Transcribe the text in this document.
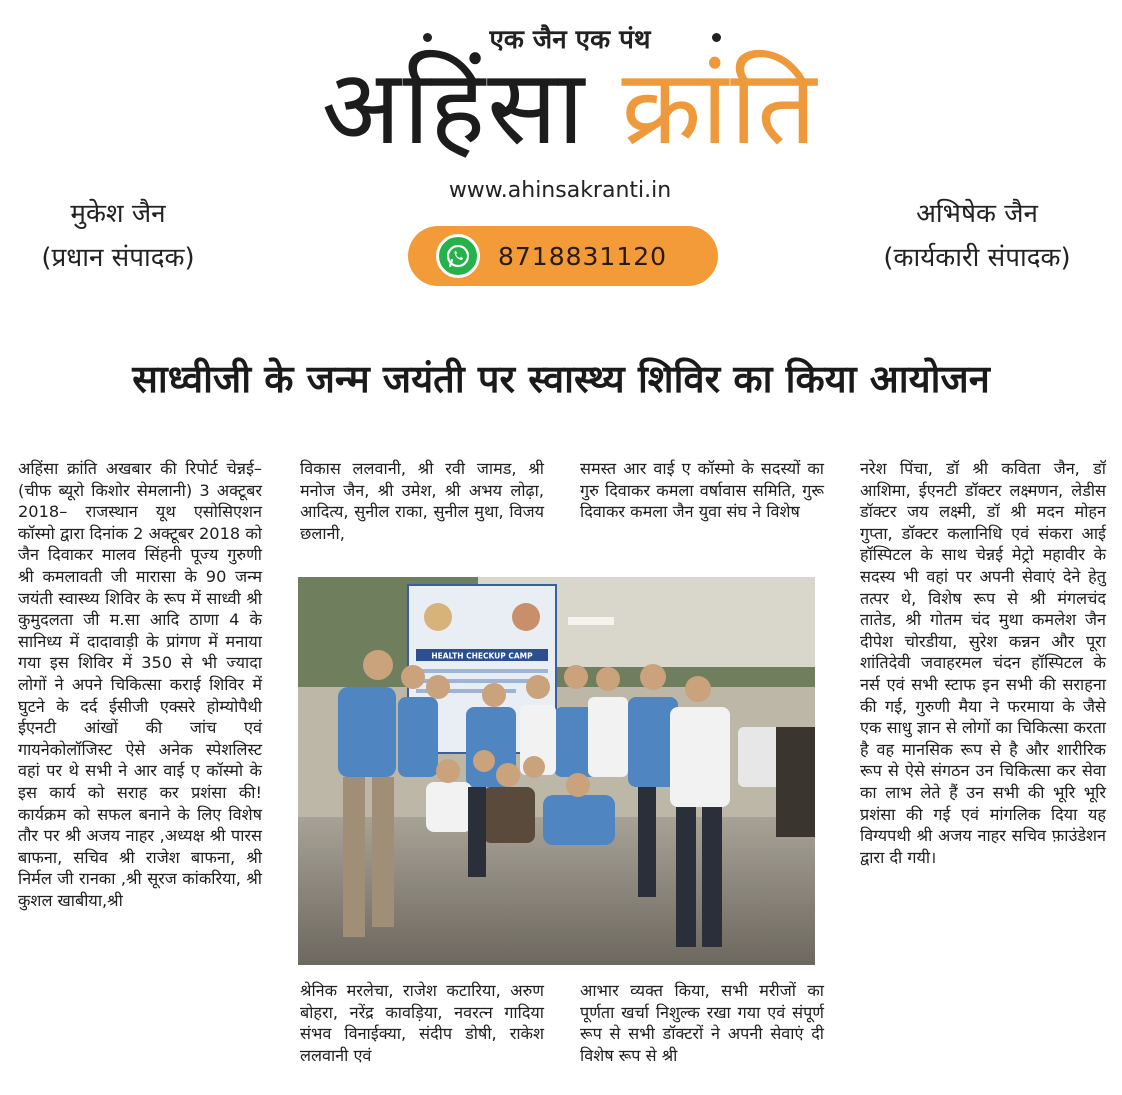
एक जैन एक पंथ
अहिंसा क्रांति
मुकेश जैन
(प्रधान संपादक)
www.ahinsakranti.in
8718831120
अभिषेक जैन
(कार्यकारी संपादक)
साध्वीजी के जन्म जयंती पर स्वास्थ्य शिविर का किया आयोजन

अहिंसा क्रांति अखबार की रिपोर्ट चेन्नई– (चीफ ब्यूरो किशोर सेमलानी) 3 अक्टूबर 2018– राजस्थान यूथ एसोसिएशन कॉस्मो द्वारा दिनांक 2 अक्टूबर 2018 को जैन दिवाकर मालव सिंहनी पूज्य गुरुणी श्री कमलावती जी मारासा के 90 जन्म जयंती स्वास्थ्य शिविर के रूप में साध्वी श्री कुमुदलता जी म.सा आदि ठाणा 4 के सानिध्य में दादावाड़ी के प्रांगण में मनाया गया इस शिविर में 350 से भी ज्यादा लोगों ने अपने चिकित्सा कराई शिविर में घुटने के दर्द ईसीजी एक्सरे होम्योपैथी ईएनटी आंखों की जांच एवं गायनेकोलॉजिस्ट ऐसे अनेक स्पेशलिस्ट वहां पर थे सभी ने आर वाई ए कॉस्मो के इस कार्य को सराह कर प्रशंसा की!कार्यक्रम को सफल बनाने के लिए विशेष तौर पर श्री अजय नाहर ,अध्यक्ष श्री पारस बाफना, सचिव श्री राजेश बाफना, श्री निर्मल जी रानका ,श्री सूरज कांकरिया, श्री कुशल खाबीया,श्री

विकास ललवानी, श्री रवी जामड, श्री मनोज जैन, श्री उमेश, श्री अभय लोढ़ा, आदित्य, सुनील राका, सुनील मुथा, विजय छलानी,

समस्त आर वाई ए कॉस्मो के सदस्यों का गुरु दिवाकर कमला वर्षावास समिति, गुरू दिवाकर कमला जैन युवा संघ ने विशेष

HEALTH CHECKUP CAMP

श्रेनिक मरलेचा, राजेश कटारिया, अरुण बोहरा, नरेंद्र कावड़िया, नवरत्न गादिया संभव विनाईक्या, संदीप डोषी, राकेश ललवानी एवं

आभार व्यक्त किया, सभी मरीजों का पूर्णता खर्चा निशुल्क रखा गया एवं संपूर्ण रूप से सभी डॉक्टरों ने अपनी सेवाएं दी विशेष रूप से श्री

नरेश पिंचा, डॉ श्री कविता जैन, डॉ आशिमा, ईएनटी डॉक्टर लक्ष्मणन, लेडीस डॉक्टर जय लक्ष्मी, डॉ श्री मदन मोहन गुप्ता, डॉक्टर कलानिधि एवं संकरा आई हॉस्पिटल के साथ चेन्नई मेट्रो महावीर के सदस्य भी वहां पर अपनी सेवाएं देने हेतु तत्पर थे, विशेष रूप से श्री मंगलचंद तातेड, श्री गोतम चंद मुथा कमलेश जैन दीपेश चोरडीया, सुरेश कन्नन और पूरा शांतिदेवी जवाहरमल चंदन हॉस्पिटल के नर्स एवं सभी स्टाफ इन सभी की सराहना की गई, गुरुणी मैया ने फरमाया के जैसे एक साधु ज्ञान से लोगों का चिकित्सा करता है वह मानसिक रूप से है और शारीरिक रूप से ऐसे संगठन उन चिकित्सा कर सेवा का लाभ लेते हैं उन सभी की भूरि भूरि प्रशंसा की गई एवं मांगलिक दिया यह विग्यपथी श्री अजय नाहर सचिव फ़ाउंडेशन द्वारा दी गयी।
